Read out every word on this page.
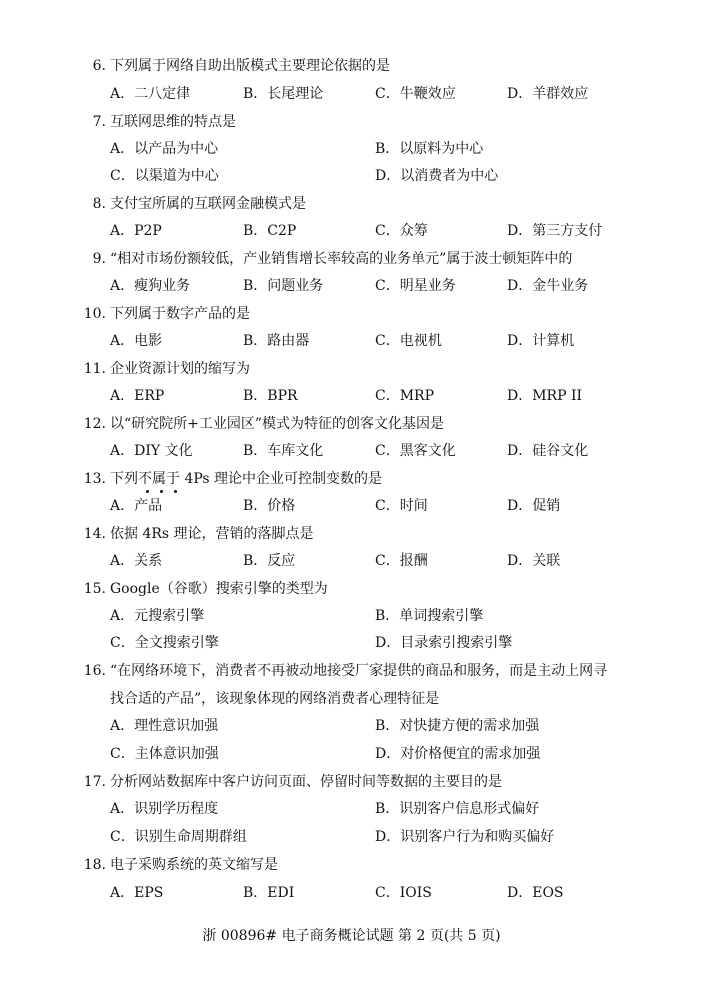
6. 下列属于网络自助出版模式主要理论依据的是
A．二八定律	B．长尾理论	C．牛鞭效应	D．羊群效应
7. 互联网思维的特点是
A．以产品为中心	B．以原料为中心
C．以渠道为中心	D．以消费者为中心
8. 支付宝所属的互联网金融模式是
A．P2P	B．C2P	C．众筹	D．第三方支付
9. “相对市场份额较低，产业销售增长率较高的业务单元”属于波士顿矩阵中的
A．瘦狗业务	B．问题业务	C．明星业务	D．金牛业务
10. 下列属于数字产品的是
A．电影	B．路由器	C．电视机	D．计算机
11. 企业资源计划的缩写为
A．ERP	B．BPR	C．MRP	D．MRP II
12. 以“研究院所+工业园区”模式为特征的创客文化基因是
A．DIY 文化	B．车库文化	C．黑客文化	D．硅谷文化
13. 下列不属于 4Ps 理论中企业可控制变数的是
A．产品	B．价格	C．时间	D．促销
14. 依据 4Rs 理论，营销的落脚点是
A．关系	B．反应	C．报酬	D．关联
15. Google（谷歌）搜索引擎的类型为
A．元搜索引擎	B．单词搜索引擎
C．全文搜索引擎	D．目录索引搜索引擎
16. “在网络环境下，消费者不再被动地接受厂家提供的商品和服务，而是主动上网寻
找合适的产品”，该现象体现的网络消费者心理特征是
A．理性意识加强	B．对快捷方便的需求加强
C．主体意识加强	D．对价格便宜的需求加强
17. 分析网站数据库中客户访问页面、停留时间等数据的主要目的是
A．识别学历程度	B．识别客户信息形式偏好
C．识别生命周期群组	D．识别客户行为和购买偏好
18. 电子采购系统的英文缩写是
A．EPS	B．EDI	C．IOIS	D．EOS
浙 00896# 电子商务概论试题 第 2 页(共 5 页)
